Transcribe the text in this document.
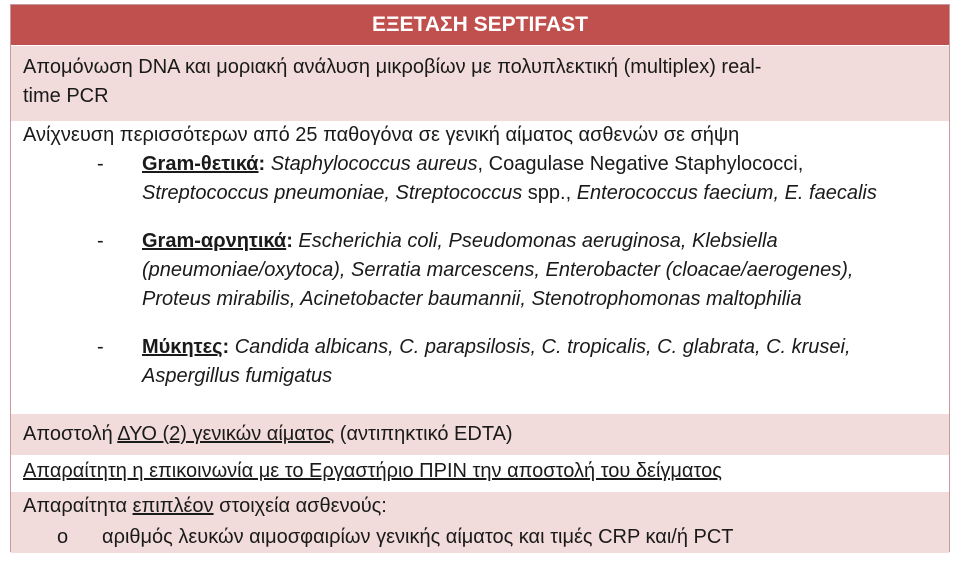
ΕΞΕΤΑΣΗ SEPTIFAST
Απομόνωση DNA και μοριακή ανάλυση μικροβίων με πολυπλεκτική (multiplex) real-
time PCR
Ανίχνευση περισσότερων από 25 παθογόνα σε γενική αίματος ασθενών σε σήψη
- Gram-θετικά: Staphylococcus aureus, Coagulase Negative Staphylococci,
Streptococcus pneumoniae, Streptococcus spp., Enterococcus faecium, E. faecalis
- Gram-αρνητικά: Escherichia coli, Pseudomonas aeruginosa, Klebsiella
(pneumoniae/oxytoca), Serratia marcescens, Enterobacter (cloacae/aerogenes),
Proteus mirabilis, Acinetobacter baumannii, Stenotrophomonas maltophilia
- Μύκητες: Candida albicans, C. parapsilosis, C. tropicalis, C. glabrata, C. krusei,
Aspergillus fumigatus
Αποστολή ΔΥΟ (2) γενικών αίματος (αντιπηκτικό EDTA)
Απαραίτητη η επικοινωνία με το Εργαστήριο ΠΡΙΝ την αποστολή του δείγματος
Απαραίτητα επιπλέον στοιχεία ασθενούς:
o αριθμός λευκών αιμοσφαιρίων γενικής αίματος και τιμές CRP και/ή PCT
